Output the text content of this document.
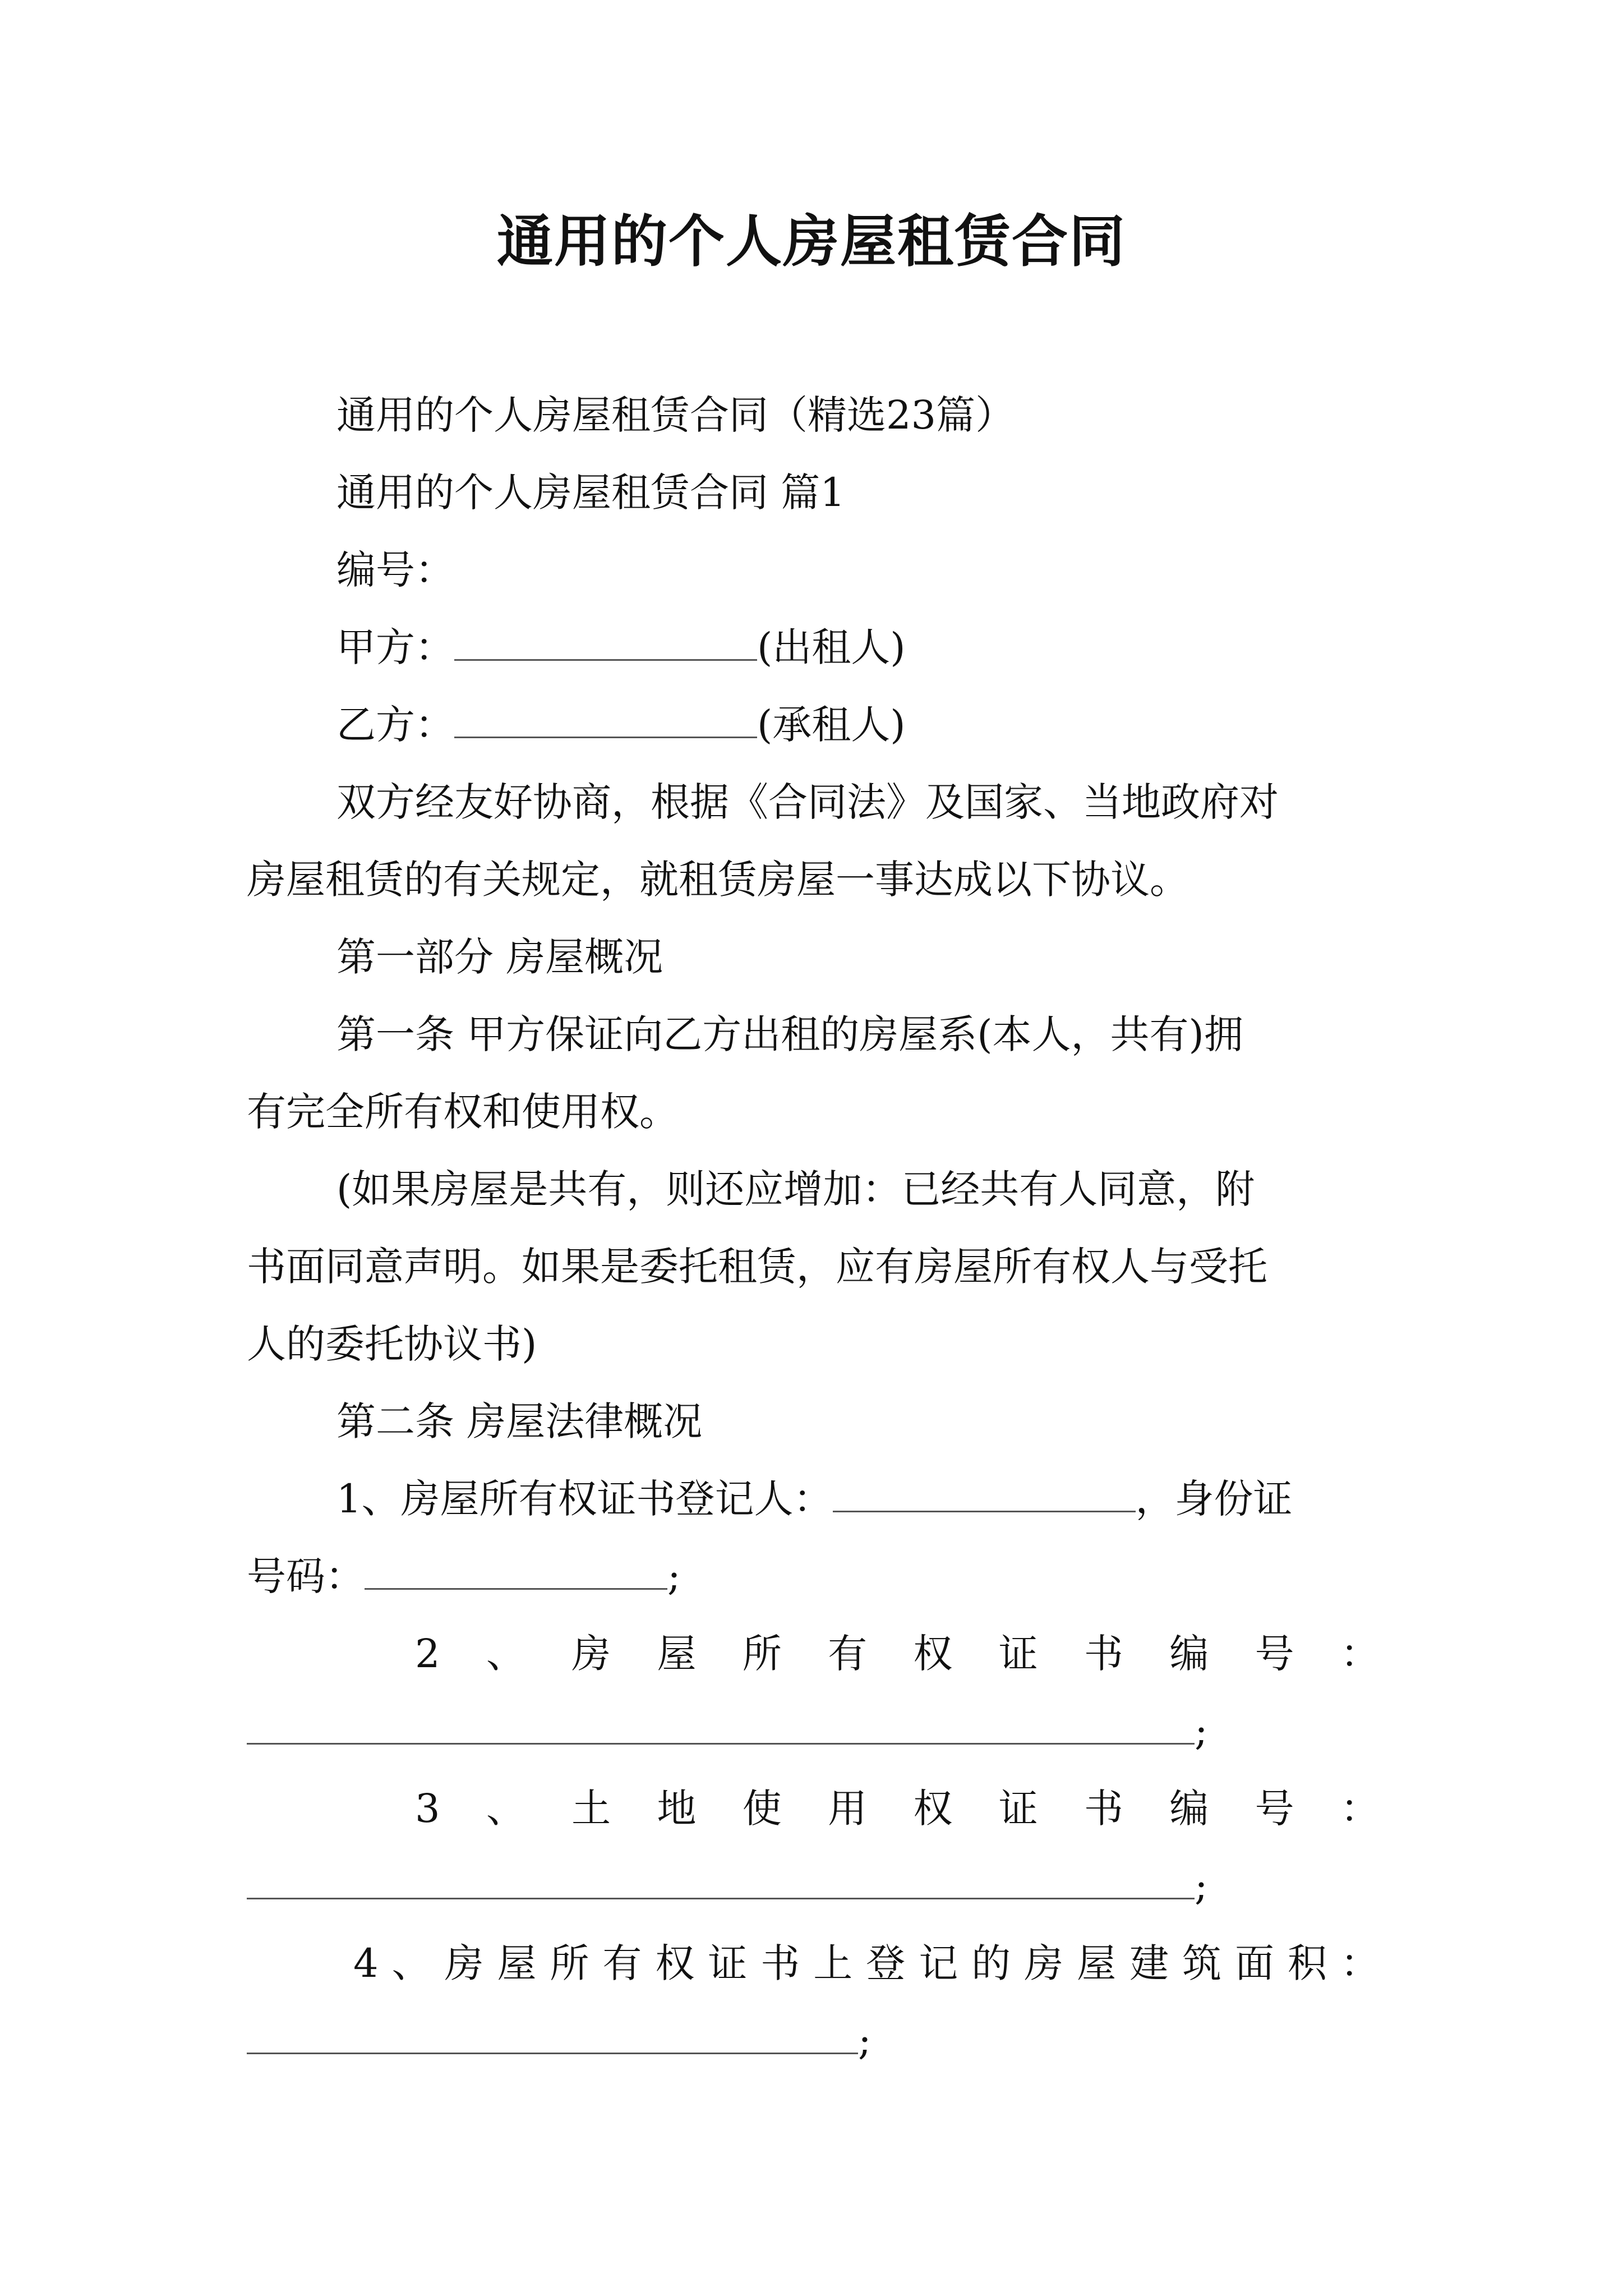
通用的个人房屋租赁合同
通用的个人房屋租赁合同（精选23篇）
通用的个人房屋租赁合同 篇1
编号：
甲方：	(出租人)
乙方：	(承租人)
双方经友好协商，根据《合同法》及国家、当地政府对
房屋租赁的有关规定，就租赁房屋一事达成以下协议。
第一部分 房屋概况
第一条 甲方保证向乙方出租的房屋系(本人，共有)拥
有完全所有权和使用权。
(如果房屋是共有，则还应增加：已经共有人同意，附
书面同意声明。如果是委托租赁，应有房屋所有权人与受托
人的委托协议书)
第二条 房屋法律概况
1、房屋所有权证书登记人：	，身份证
号码：	;
2 、 房 屋 所 有 权 证 书 编 号 ：
;
3 、 土 地 使 用 权 证 书 编 号 ：
;
4 、 房 屋 所 有 权 证 书 上 登 记 的 房 屋 建 筑 面 积 ：
;
